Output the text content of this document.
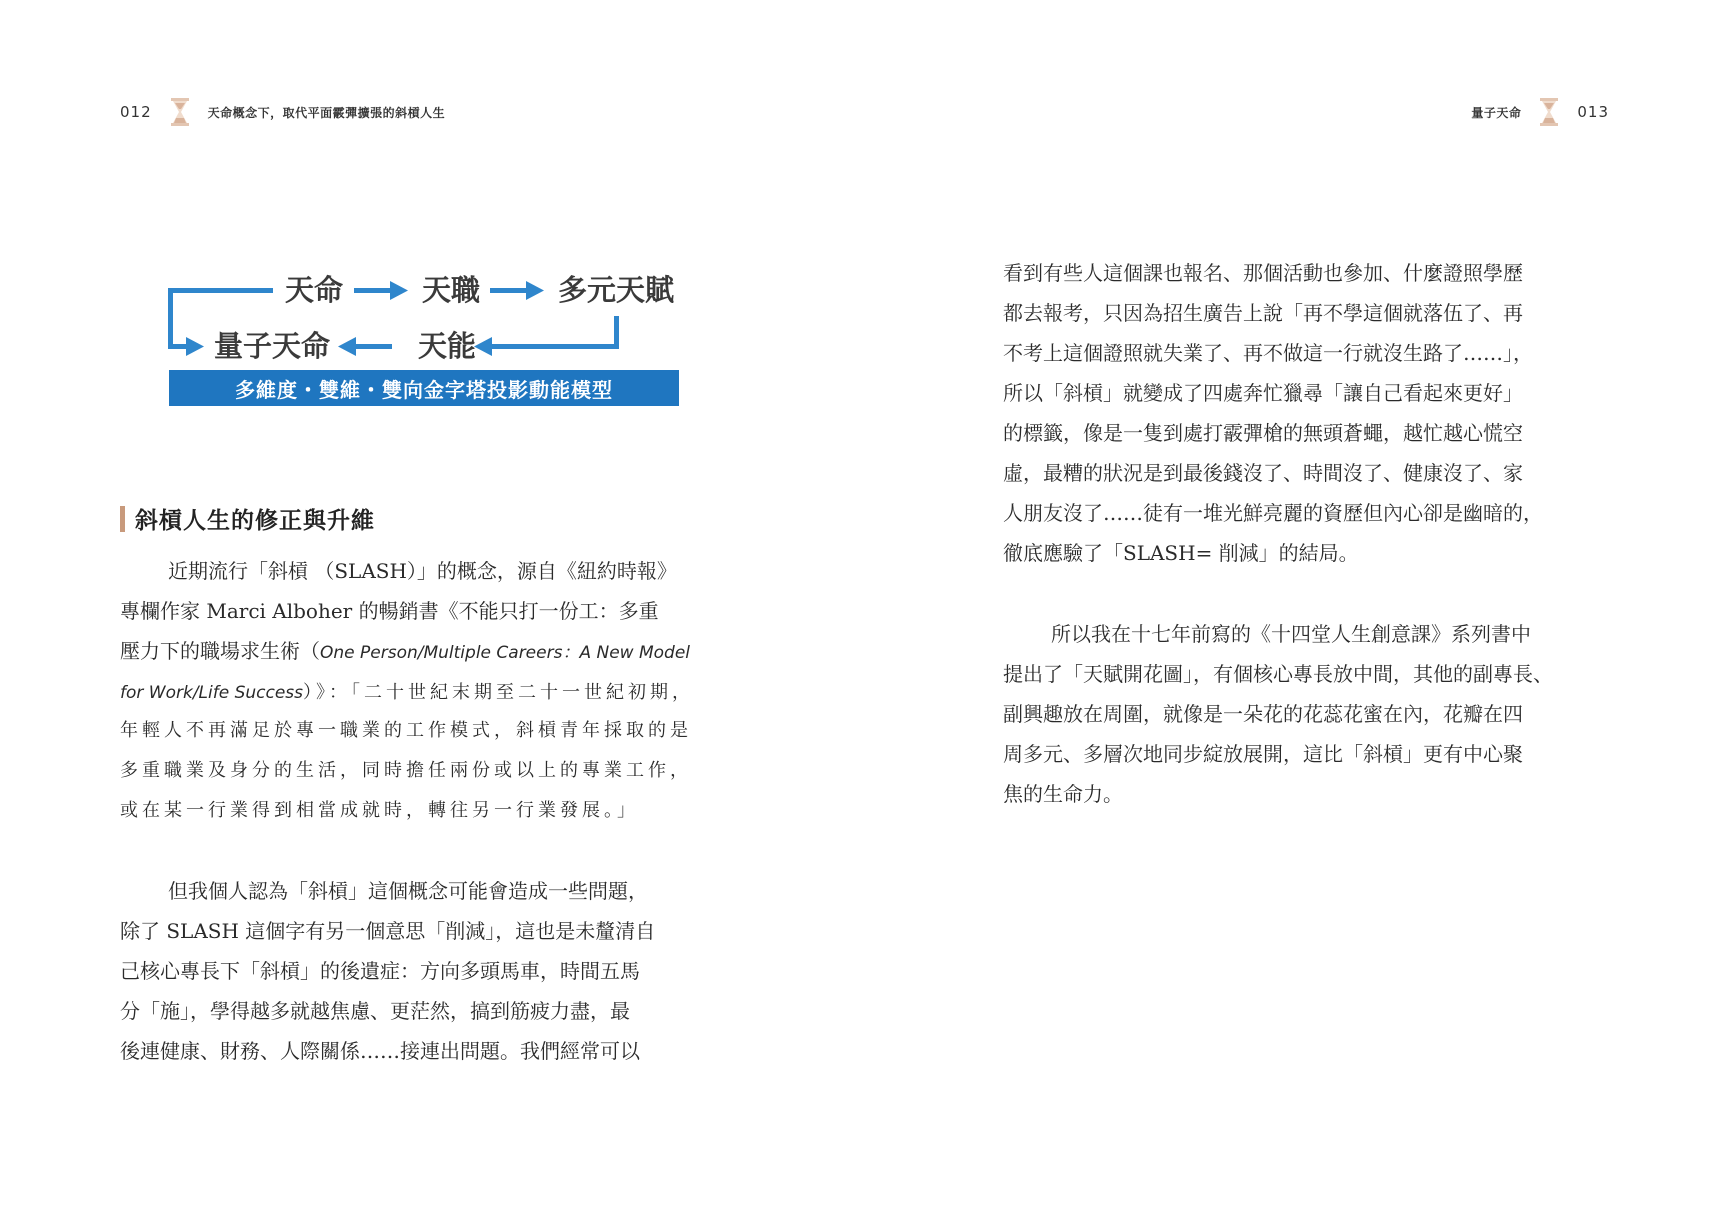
012	天命概念下，取代平面霰彈擴張的斜槓人生
天命	天職	多元天賦
量子天命	天能
多維度・雙維・雙向金字塔投影動能模型
斜槓人生的修正與升維
近期流行「斜槓 （SLASH）」的概念，源自《紐約時報》
專欄作家 Marci Alboher 的暢銷書《不能只打一份工：多重
壓力下的職場求生術（One Person/Multiple Careers：A New Model
for Work/Life Success）》：「二十世紀末期至二十一世紀初期，
年輕人不再滿足於專一職業的工作模式，斜槓青年採取的是
多重職業及身分的生活，同時擔任兩份或以上的專業工作，
或在某一行業得到相當成就時，轉往另一行業發展。」
但我個人認為「斜槓」這個概念可能會造成一些問題，
除了 SLASH 這個字有另一個意思「削減」，這也是未釐清自
己核心專長下「斜槓」的後遺症：方向多頭馬車，時間五馬
分「施」，學得越多就越焦慮、更茫然，搞到筋疲力盡，最
後連健康、財務、人際關係……接連出問題。我們經常可以
量子天命	013
看到有些人這個課也報名、那個活動也參加、什麼證照學歷
都去報考，只因為招生廣告上說「再不學這個就落伍了、再
不考上這個證照就失業了、再不做這一行就沒生路了……」，
所以「斜槓」就變成了四處奔忙獵尋「讓自己看起來更好」
的標籤，像是一隻到處打霰彈槍的無頭蒼蠅，越忙越心慌空
虛，最糟的狀況是到最後錢沒了、時間沒了、健康沒了、家
人朋友沒了……徒有一堆光鮮亮麗的資歷但內心卻是幽暗的，
徹底應驗了「SLASH= 削減」的結局。
所以我在十七年前寫的《十四堂人生創意課》系列書中
提出了「天賦開花圖」，有個核心專長放中間，其他的副專長、
副興趣放在周圍，就像是一朵花的花蕊花蜜在內，花瓣在四
周多元、多層次地同步綻放展開，這比「斜槓」更有中心聚
焦的生命力。
